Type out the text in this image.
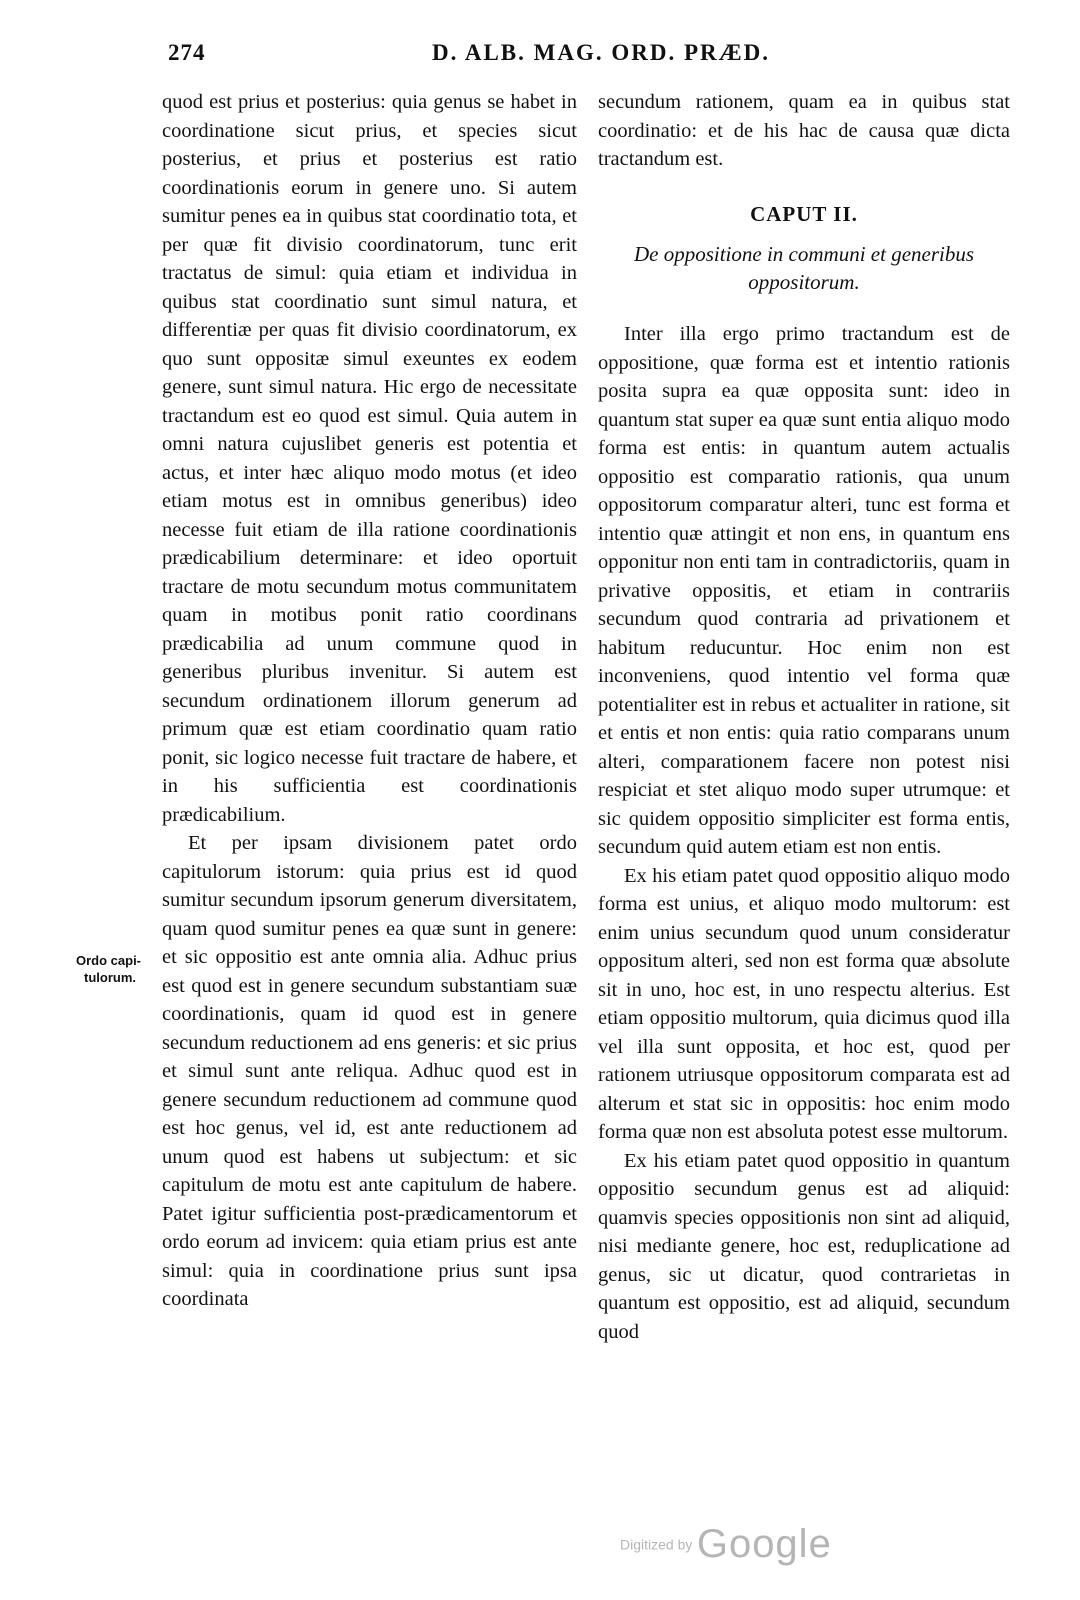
274	D. ALB. MAG. ORD. PRÆD.
Ordo capi-
tulorum.

quod est prius et posterius: quia genus se habet in coordinatione sicut prius, et species sicut posterius, et prius et posterius est ratio coordinationis eorum in genere uno. Si autem sumitur penes ea in quibus stat coordinatio tota, et per quæ fit divisio coordinatorum, tunc erit tractatus de simul: quia etiam et individua in quibus stat coordinatio sunt simul natura, et differentiæ per quas fit divisio coordinatorum, ex quo sunt oppositæ simul exeuntes ex eodem genere, sunt simul natura. Hic ergo de necessitate tractandum est eo quod est simul. Quia autem in omni natura cujuslibet generis est potentia et actus, et inter hæc aliquo modo motus (et ideo etiam motus est in omnibus generibus) ideo necesse fuit etiam de illa ratione coordinationis prædicabilium determinare: et ideo oportuit tractare de motu secundum motus communitatem quam in motibus ponit ratio coordinans prædicabilia ad unum commune quod in generibus pluribus invenitur. Si autem est secundum ordinationem illorum generum ad primum quæ est etiam coordinatio quam ratio ponit, sic logico necesse fuit tractare de habere, et in his sufficientia est coordinationis prædicabilium.

Et per ipsam divisionem patet ordo capitulorum istorum: quia prius est id quod sumitur secundum ipsorum generum diversitatem, quam quod sumitur penes ea quæ sunt in genere: et sic oppositio est ante omnia alia. Adhuc prius est quod est in genere secundum substantiam suæ coordinationis, quam id quod est in genere secundum reductionem ad ens generis: et sic prius et simul sunt ante reliqua. Adhuc quod est in genere secundum reductionem ad commune quod est hoc genus, vel id, est ante reductionem ad unum quod est habens ut subjectum: et sic capitulum de motu est ante capitulum de habere. Patet igitur sufficientia post-prædicamentorum et ordo eorum ad invicem: quia etiam prius est ante simul: quia in coordinatione prius sunt ipsa coordinata

secundum rationem, quam ea in quibus stat coordinatio: et de his hac de causa quæ dicta tractandum est.

CAPUT II.
De oppositione in communi et generibus oppositorum.

Inter illa ergo primo tractandum est de oppositione, quæ forma est et intentio rationis posita supra ea quæ opposita sunt: ideo in quantum stat super ea quæ sunt entia aliquo modo forma est entis: in quantum autem actualis oppositio est comparatio rationis, qua unum oppositorum comparatur alteri, tunc est forma et intentio quæ attingit et non ens, in quantum ens opponitur non enti tam in contradictoriis, quam in privative oppositis, et etiam in contrariis secundum quod contraria ad privationem et habitum reducuntur. Hoc enim non est inconveniens, quod intentio vel forma quæ potentialiter est in rebus et actualiter in ratione, sit et entis et non entis: quia ratio comparans unum alteri, comparationem facere non potest nisi respiciat et stet aliquo modo super utrumque: et sic quidem oppositio simpliciter est forma entis, secundum quid autem etiam est non entis.

Ex his etiam patet quod oppositio aliquo modo forma est unius, et aliquo modo multorum: est enim unius secundum quod unum consideratur oppositum alteri, sed non est forma quæ absolute sit in uno, hoc est, in uno respectu alterius. Est etiam oppositio multorum, quia dicimus quod illa vel illa sunt opposita, et hoc est, quod per rationem utriusque oppositorum comparata est ad alterum et stat sic in oppositis: hoc enim modo forma quæ non est absoluta potest esse multorum.

Ex his etiam patet quod oppositio in quantum oppositio secundum genus est ad aliquid: quamvis species oppositionis non sint ad aliquid, nisi mediante genere, hoc est, reduplicatione ad genus, sic ut dicatur, quod contrarietas in quantum est oppositio, est ad aliquid, secundum quod

Digitized by Google
